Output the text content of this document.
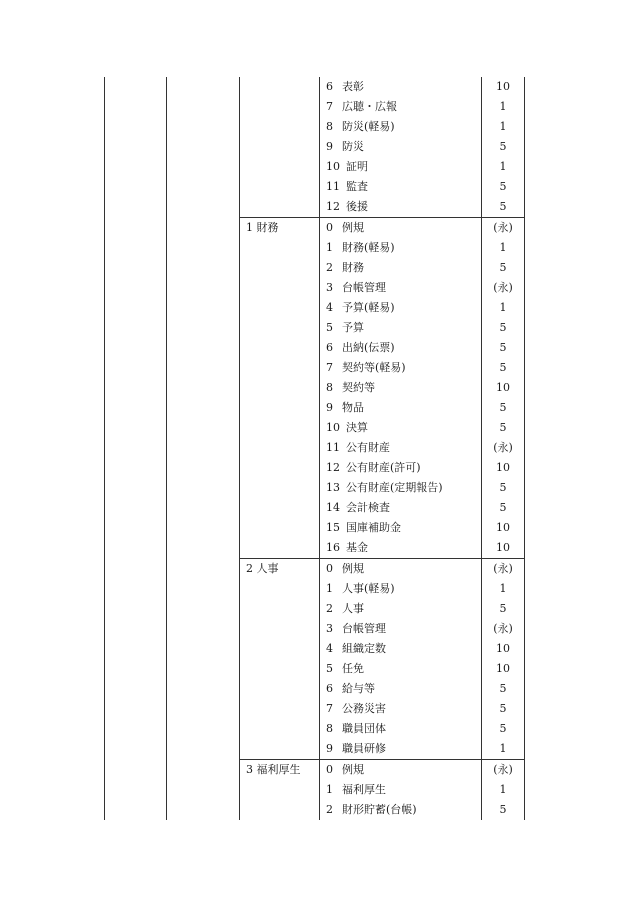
			6 表彰	10
			7 広聴・広報	1
			8 防災(軽易)	1
			9 防災	5
			10 証明	1
			11 監査	5
			12 後援	5
		1 財務	0 例規	(永)
			1 財務(軽易)	1
			2 財務	5
			3 台帳管理	(永)
			4 予算(軽易)	1
			5 予算	5
			6 出納(伝票)	5
			7 契約等(軽易)	5
			8 契約等	10
			9 物品	5
			10 決算	5
			11 公有財産	(永)
			12 公有財産(許可)	10
			13 公有財産(定期報告)	5
			14 会計検査	5
			15 国庫補助金	10
			16 基金	10
		2 人事	0 例規	(永)
			1 人事(軽易)	1
			2 人事	5
			3 台帳管理	(永)
			4 組織定数	10
			5 任免	10
			6 給与等	5
			7 公務災害	5
			8 職員団体	5
			9 職員研修	1
		3 福利厚生	0 例規	(永)
			1 福利厚生	1
			2 財形貯蓄(台帳)	5
